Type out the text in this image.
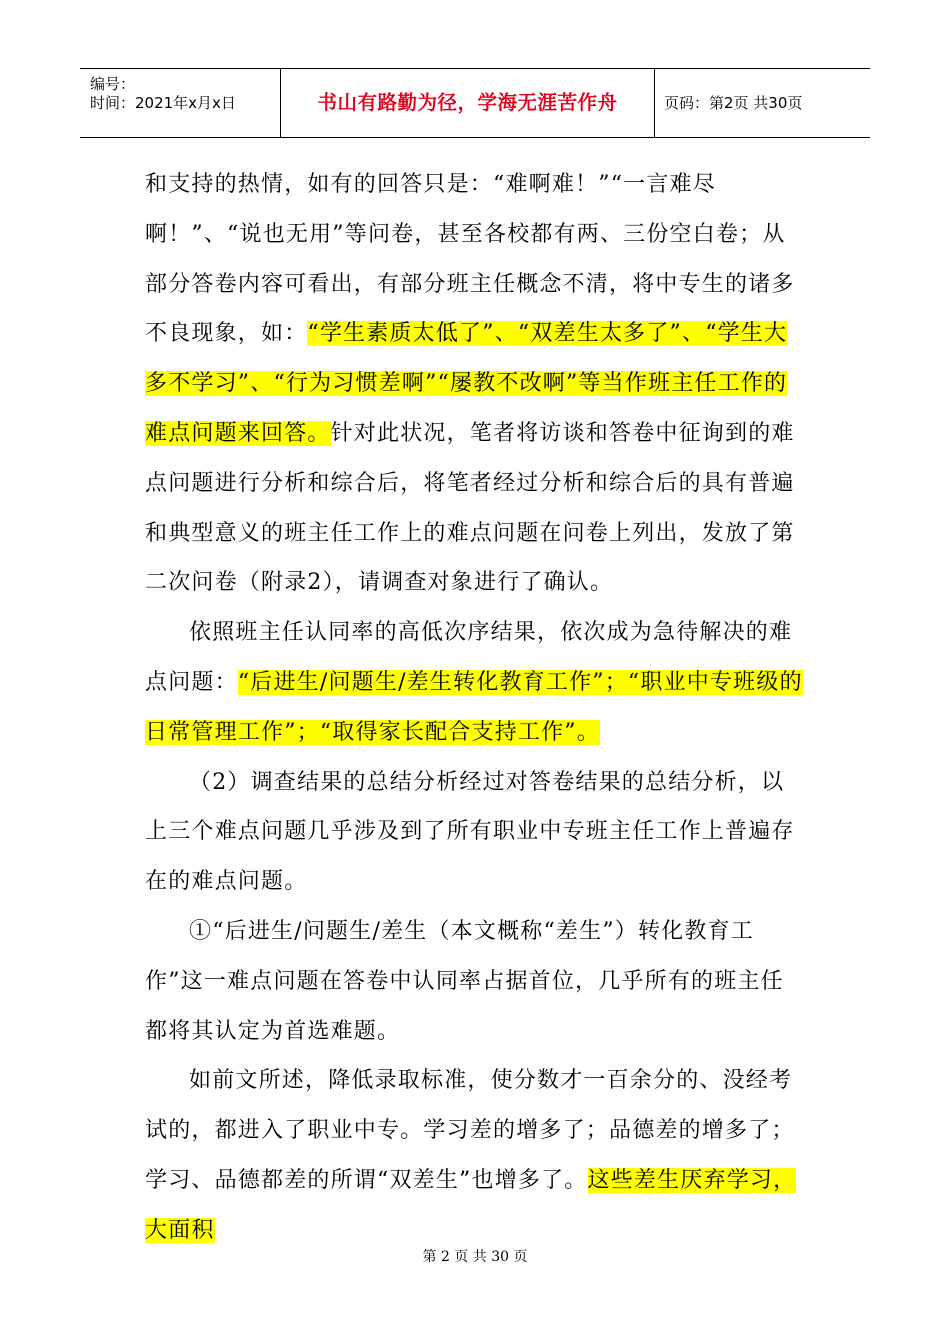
编号：
时间：2021年x月x日	书山有路勤为径，学海无涯苦作舟	页码：第2页 共30页

和支持的热情，如有的回答只是：“难啊难！”“一言难尽啊！”、“说也无用”等问卷，甚至各校都有两、三份空白卷；从部分答卷内容可看出，有部分班主任概念不清，将中专生的诸多不良现象，如：“学生素质太低了”、“双差生太多了”、“学生大多不学习”、“行为习惯差啊”“屡教不改啊”等当作班主任工作的难点问题来回答。针对此状况，笔者将访谈和答卷中征询到的难点问题进行分析和综合后，将笔者经过分析和综合后的具有普遍和典型意义的班主任工作上的难点问题在问卷上列出，发放了第二次问卷（附录2），请调查对象进行了确认。

依照班主任认同率的高低次序结果，依次成为急待解决的难点问题：“后进生/问题生/差生转化教育工作”；“职业中专班级的日常管理工作”；“取得家长配合支持工作”。

（2）调查结果的总结分析经过对答卷结果的总结分析，以上三个难点问题几乎涉及到了所有职业中专班主任工作上普遍存在的难点问题。

①“后进生/问题生/差生（本文概称“差生”）转化教育工作”这一难点问题在答卷中认同率占据首位，几乎所有的班主任都将其认定为首选难题。

如前文所述，降低录取标准，使分数才一百余分的、没经考试的，都进入了职业中专。学习差的增多了；品德差的增多了；学习、品德都差的所谓“双差生”也增多了。这些差生厌弃学习，大面积

第 2 页 共 30 页
